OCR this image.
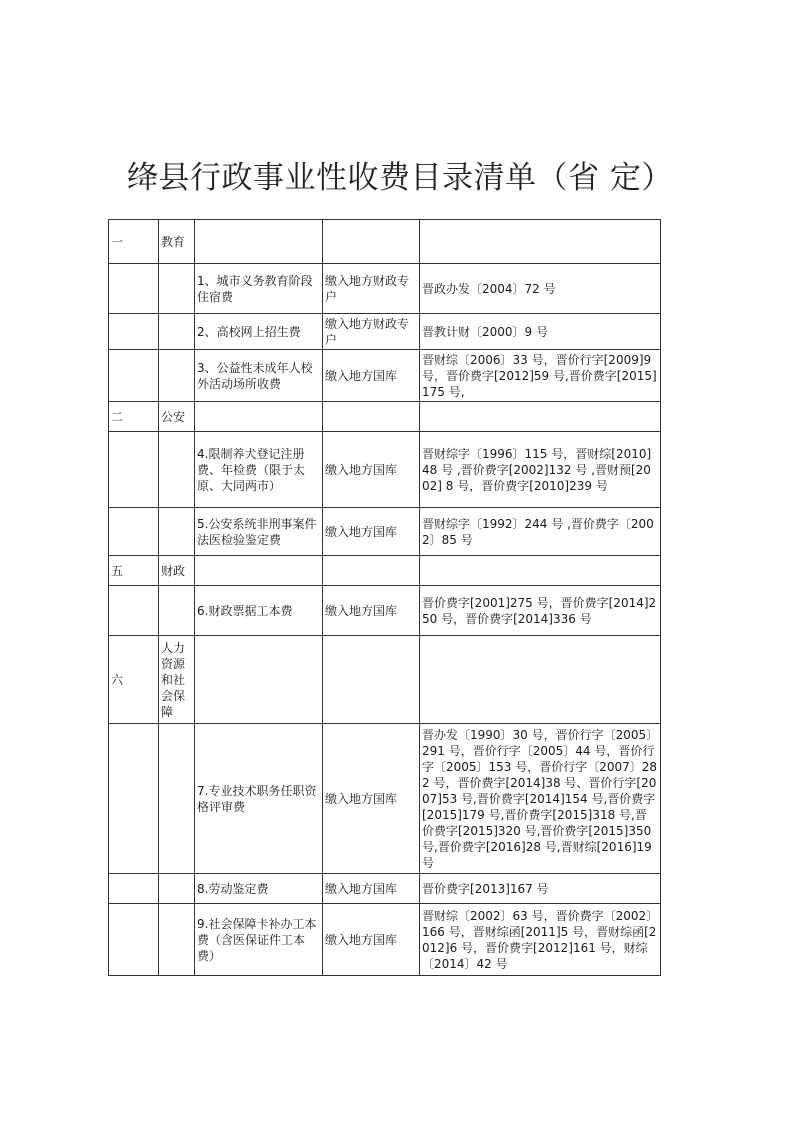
绛县行政事业性收费目录清单（省 定）
一	教育			
		1、城市义务教育阶段住宿费	缴入地方财政专户	晋政办发〔2004〕72 号
		2、高校网上招生费	缴入地方财政专户	晋教计财〔2000〕9 号
		3、公益性未成年人校外活动场所收费	缴入地方国库	晋财综〔2006〕33 号，晋价行字[2009]9 号，晋价费字[2012]59 号,晋价费字[2015]175 号,
二	公安			
		4.限制养犬登记注册费、年检费（限于太原、大同两市）	缴入地方国库	晋财综字〔1996〕115 号，晋财综[2010]48 号 ,晋价费字[2002]132 号 ,晋财预[2002] 8 号，晋价费字[2010]239 号
		5.公安系统非刑事案件法医检验鉴定费	缴入地方国库	晋财综字〔1992〕244 号 ,晋价费字〔2002〕85 号
五	财政			
		6.财政票据工本费	缴入地方国库	晋价费字[2001]275 号，晋价费字[2014]250 号，晋价费字[2014]336 号
六	人力资源和社会保障			
		7.专业技术职务任职资格评审费	缴入地方国库	晋办发〔1990〕30 号，晋价行字〔2005〕291 号，晋价行字〔2005〕44 号，晋价行字〔2005〕153 号，晋价行字〔2007〕282 号，晋价费字[2014]38 号、晋价行字[2007]53 号,晋价费字[2014]154 号,晋价费字[2015]179 号,晋价费字[2015]318 号,晋价费字[2015]320 号,晋价费字[2015]350 号,晋价费字[2016]28 号,晋财综[2016]19 号
		8.劳动鉴定费	缴入地方国库	晋价费字[2013]167 号
		9.社会保障卡补办工本费（含医保证件工本费）	缴入地方国库	晋财综〔2002〕63 号，晋价费字〔2002〕166 号，晋财综函[2011]5 号，晋财综函[2012]6 号，晋价费字[2012]161 号，财综〔2014〕42 号
